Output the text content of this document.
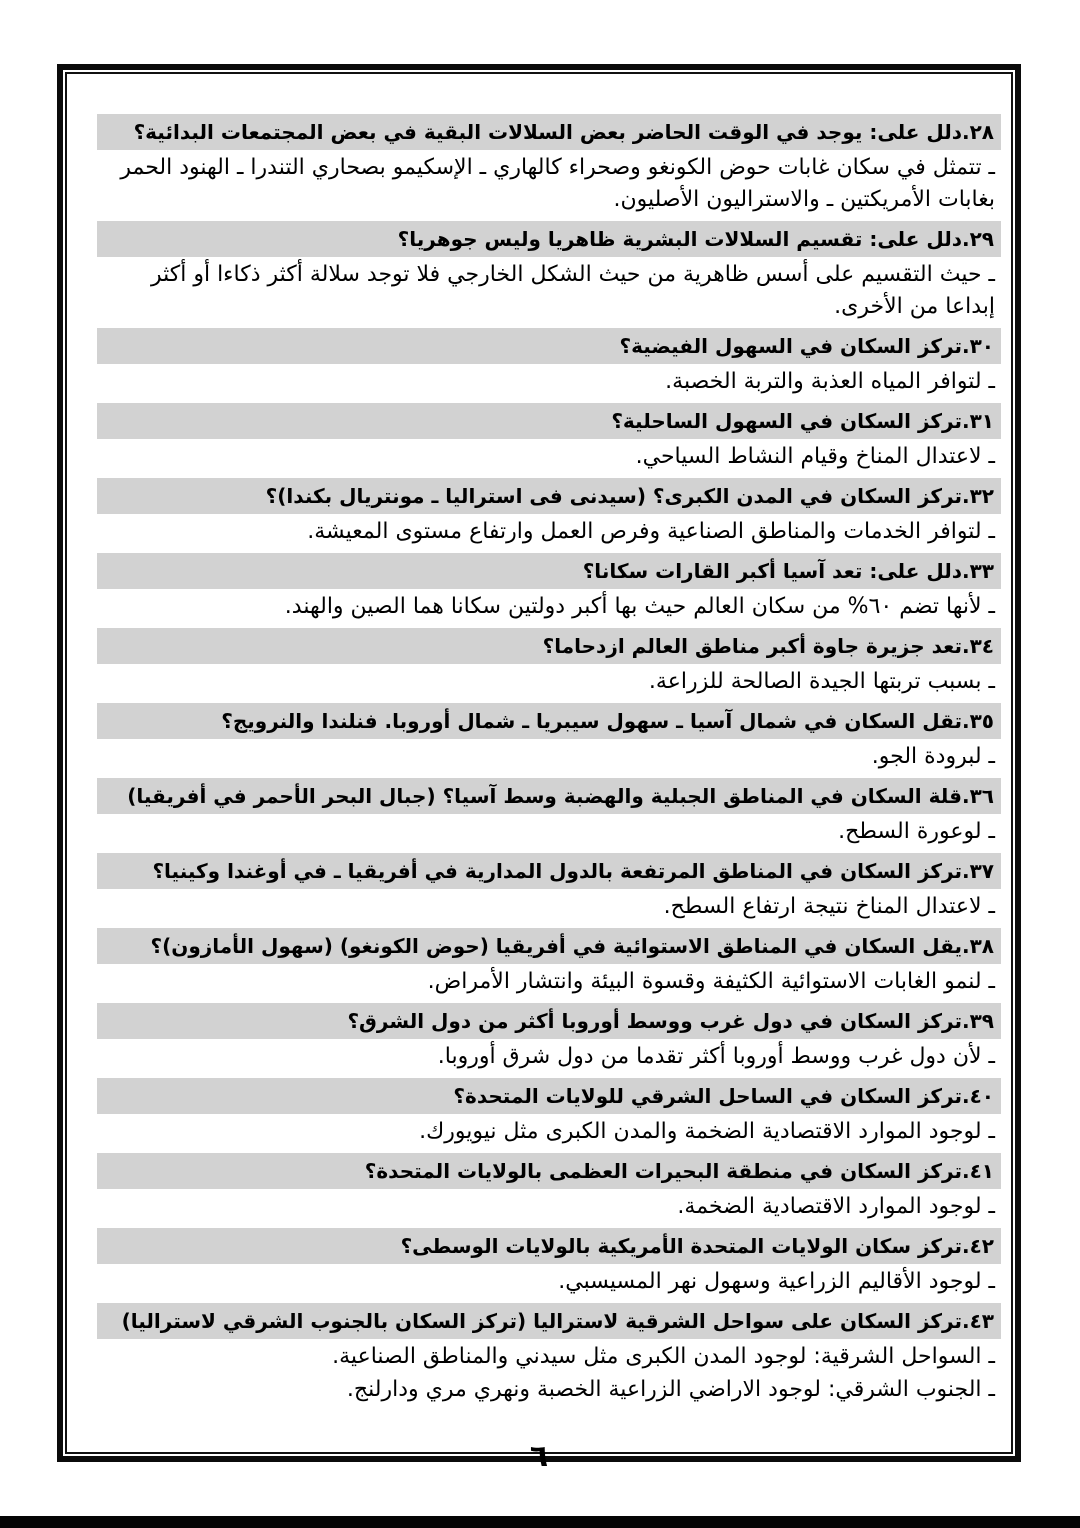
٢٨.دلل على: يوجد في الوقت الحاضر بعض السلالات البقية في بعض المجتمعات البدائية؟

ـ تتمثل في سكان غابات حوض الكونغو وصحراء كالهاري ـ الإسكيمو بصحاري التندرا ـ الهنود الحمر بغابات الأمريكتين ـ والاستراليون الأصليون.

٢٩.دلل على: تقسيم السلالات البشرية ظاهريا وليس جوهريا؟

ـ حيث التقسيم على أسس ظاهرية من حيث الشكل الخارجي فلا توجد سلالة أكثر ذكاءا أو أكثر إبداعا من الأخرى.

٣٠.تركز السكان في السهول الفيضية؟

ـ لتوافر المياه العذبة والتربة الخصبة.

٣١.تركز السكان في السهول الساحلية؟

ـ لاعتدال المناخ وقيام النشاط السياحي.

٣٢.تركز السكان في المدن الكبرى؟ (سيدنى فى استراليا ـ مونتريال بكندا)؟

ـ لتوافر الخدمات والمناطق الصناعية وفرص العمل وارتفاع مستوى المعيشة.

٣٣.دلل على: تعد آسيا أكبر القارات سكانا؟

ـ لأنها تضم ٦٠% من سكان العالم حيث بها أكبر دولتين سكانا هما الصين والهند.

٣٤.تعد جزيرة جاوة أكبر مناطق العالم ازدحاما؟

ـ بسبب تربتها الجيدة الصالحة للزراعة.

٣٥.تقل السكان في شمال آسيا ـ سهول سيبريا ـ شمال أوروبا. فنلندا والنرويج؟

ـ لبرودة الجو.

٣٦.قلة السكان في المناطق الجبلية والهضبة وسط آسيا؟ (جبال البحر الأحمر في أفريقيا)

ـ لوعورة السطح.

٣٧.تركز السكان في المناطق المرتفعة بالدول المدارية في أفريقيا ـ في أوغندا وكينيا؟

ـ لاعتدال المناخ نتيجة ارتفاع السطح.

٣٨.يقل السكان في المناطق الاستوائية في أفريقيا (حوض الكونغو) (سهول الأمازون)؟

ـ لنمو الغابات الاستوائية الكثيفة وقسوة البيئة وانتشار الأمراض.

٣٩.تركز السكان في دول غرب ووسط أوروبا أكثر من دول الشرق؟

ـ لأن دول غرب ووسط أوروبا أكثر تقدما من دول شرق أوروبا.

٤٠.تركز السكان في الساحل الشرقي للولايات المتحدة؟

ـ لوجود الموارد الاقتصادية الضخمة والمدن الكبرى مثل نيويورك.

٤١.تركز السكان في منطقة البحيرات العظمى بالولايات المتحدة؟

ـ لوجود الموارد الاقتصادية الضخمة.

٤٢.تركز سكان الولايات المتحدة الأمريكية بالولايات الوسطى؟

ـ لوجود الأقاليم الزراعية وسهول نهر المسيسبي.

٤٣.تركز السكان على سواحل الشرقية لاستراليا (تركز السكان بالجنوب الشرقي لاستراليا)

ـ السواحل الشرقية: لوجود المدن الكبرى مثل سيدني والمناطق الصناعية.

ـ الجنوب الشرقي: لوجود الاراضي الزراعية الخصبة ونهري مري ودارلنج.

٦
